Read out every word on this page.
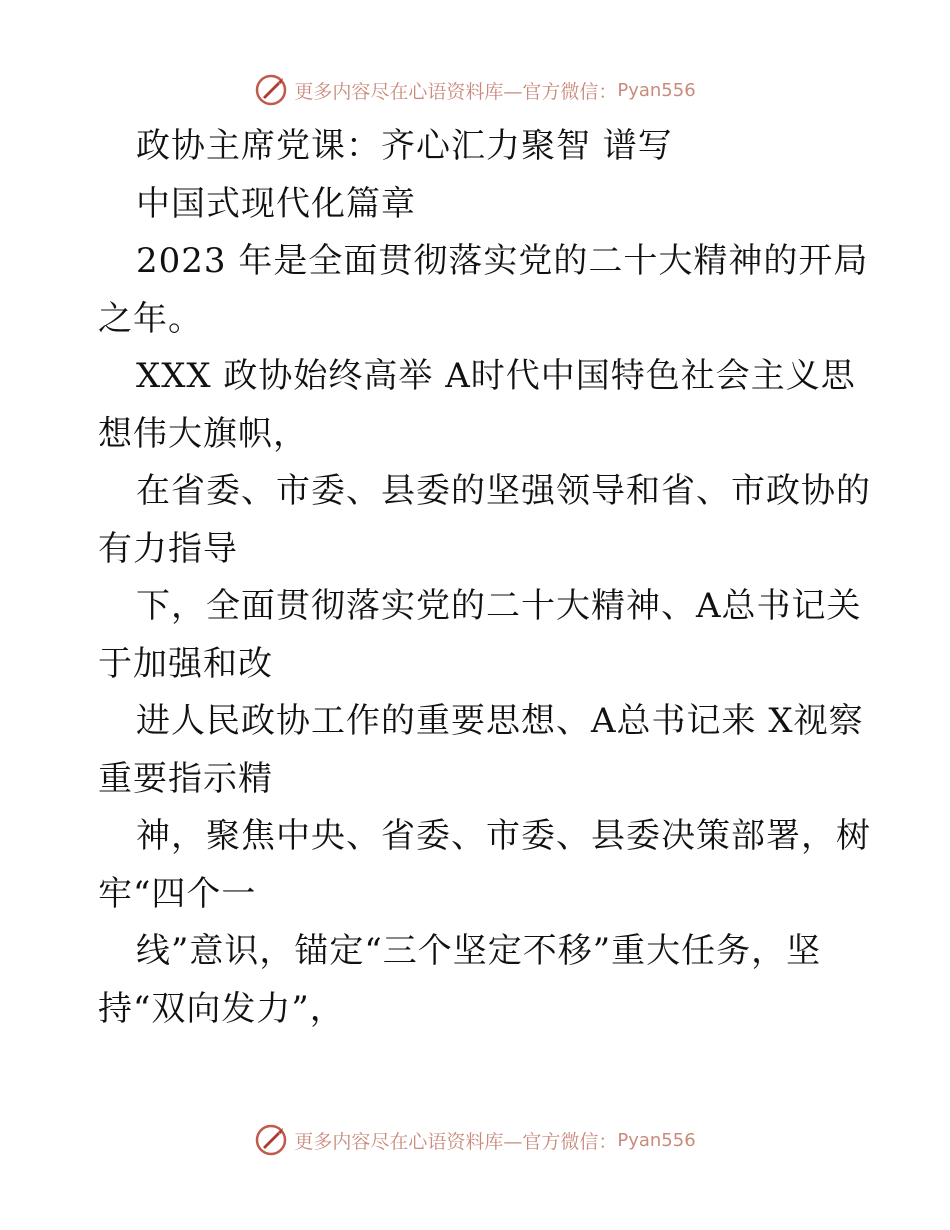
更多内容尽在心语资料库—官方微信： Pyan556
政协主席党课：齐心汇力聚智 谱写
中国式现代化篇章
2023 年是全面贯彻落实党的二十大精神的开局
之年。
XXX 政协始终高举 A时代中国特色社会主义思
想伟大旗帜，
在省委、市委、县委的坚强领导和省、市政协的
有力指导
下，全面贯彻落实党的二十大精神、A总书记关
于加强和改
进人民政协工作的重要思想、A总书记来 X视察
重要指示精
神，聚焦中央、省委、市委、县委决策部署，树
牢“四个一
线”意识，锚定“三个坚定不移”重大任务，坚
持“双向发力”，
更多内容尽在心语资料库—官方微信： Pyan556
